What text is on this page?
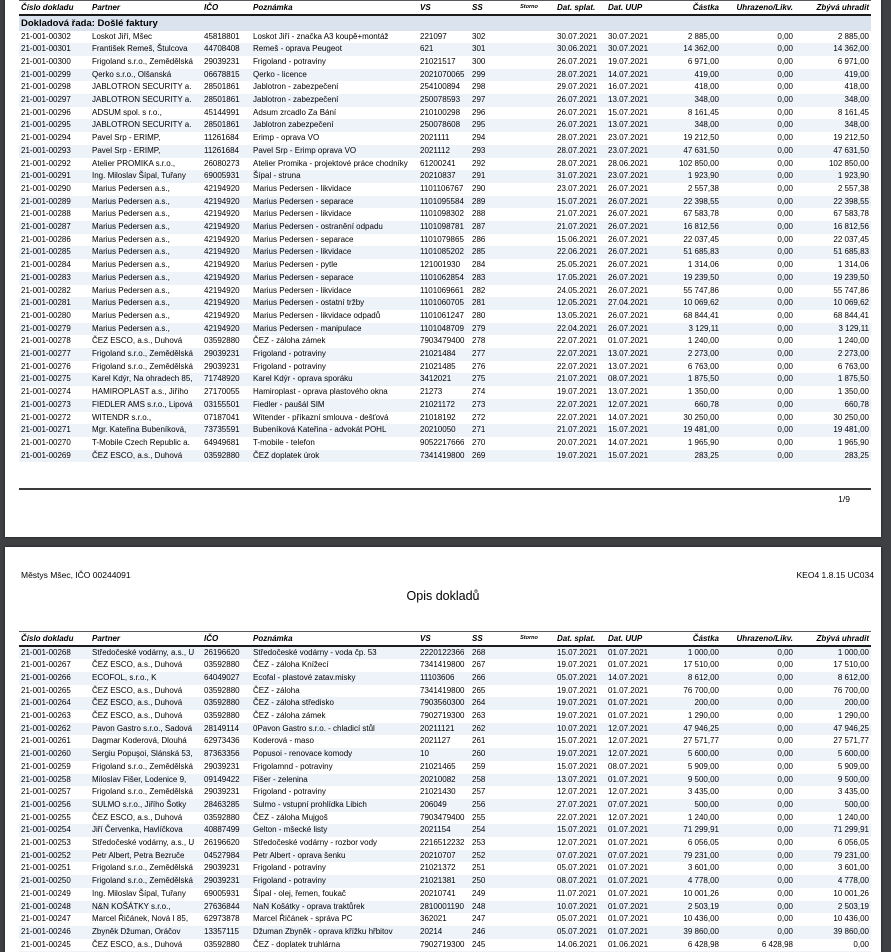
Číslo dokladu	Partner	IČO	Poznámka	VS	SS	Storno	Dat. splat.	Dat. UUP	Částka	Uhrazeno/Likv.	Zbývá uhradit
Dokladová řada: Došlé faktury											
21-001-00302	Loskot Jiří, Mšec	45818801	Loskot Jiří - značka A3 koupě+montáž	221097	302		30.07.2021	30.07.2021	2 885,00	0,00	2 885,00
21-001-00301	František Remeš, Štulcova	44708408	Remeš - oprava Peugeot	621	301		30.06.2021	30.07.2021	14 362,00	0,00	14 362,00
21-001-00300	Frigoland s.r.o., Zemědělská	29039231	Frigoland - potraviny	21021517	300		26.07.2021	19.07.2021	6 971,00	0,00	6 971,00
21-001-00299	Qerko s.r.o., Olšanská	06678815	Qerko - licence	2021070065	299		28.07.2021	14.07.2021	419,00	0,00	419,00
21-001-00298	JABLOTRON SECURITY a.	28501861	Jablotron - zabezpečení	254100894	298		29.07.2021	16.07.2021	418,00	0,00	418,00
21-001-00297	JABLOTRON SECURITY a.	28501861	Jablotron - zabezpečení	250078593	297		26.07.2021	13.07.2021	348,00	0,00	348,00
21-001-00296	ADSUM spol. s r.o.,	45144991	Adsum zrcadlo Za Bání	210100298	296		26.07.2021	15.07.2021	8 161,45	0,00	8 161,45
21-001-00295	JABLOTRON SECURITY a.	28501861	Jablotron zabezpečení	250078608	295		26.07.2021	13.07.2021	348,00	0,00	348,00
21-001-00294	Pavel Srp - ERIMP,	11261684	Erimp - oprava VO	2021111	294		28.07.2021	23.07.2021	19 212,50	0,00	19 212,50
21-001-00293	Pavel Srp - ERIMP,	11261684	Pavel Srp - Erimp oprava VO	2021112	293		28.07.2021	23.07.2021	47 631,50	0,00	47 631,50
21-001-00292	Atelier PROMIKA s.r.o.,	26080273	Atelier Promika - projektové práce chodníky	61200241	292		28.07.2021	28.06.2021	102 850,00	0,00	102 850,00
21-001-00291	Ing. Miloslav Šípal, Tuřany	69005931	Šípal - struna	20210837	291		31.07.2021	23.07.2021	1 923,90	0,00	1 923,90
21-001-00290	Marius Pedersen a.s.,	42194920	Marius Pedersen - likvidace	1101106767	290		23.07.2021	26.07.2021	2 557,38	0,00	2 557,38
21-001-00289	Marius Pedersen a.s.,	42194920	Marius Pedersen - separace	1101095584	289		15.07.2021	26.07.2021	22 398,55	0,00	22 398,55
21-001-00288	Marius Pedersen a.s.,	42194920	Marius Pedersen - likvidace	1101098302	288		21.07.2021	26.07.2021	67 583,78	0,00	67 583,78
21-001-00287	Marius Pedersen a.s.,	42194920	Marius Pedersen - ostranění odpadu	1101098781	287		21.07.2021	26.07.2021	16 812,56	0,00	16 812,56
21-001-00286	Marius Pedersen a.s.,	42194920	Marius Pedersen - separace	1101079865	286		15.06.2021	26.07.2021	22 037,45	0,00	22 037,45
21-001-00285	Marius Pedersen a.s.,	42194920	Marius Pedersen - likvidace	1101085202	285		22.06.2021	26.07.2021	51 685,83	0,00	51 685,83
21-001-00284	Marius Pedersen a.s.,	42194920	Marius Pedersen - pytle	121001930	284		25.05.2021	26.07.2021	1 314,06	0,00	1 314,06
21-001-00283	Marius Pedersen a.s.,	42194920	Marius Pedersen - separace	1101062854	283		17.05.2021	26.07.2021	19 239,50	0,00	19 239,50
21-001-00282	Marius Pedersen a.s.,	42194920	Marius Pedersen - likvidace	1101069661	282		24.05.2021	26.07.2021	55 747,86	0,00	55 747,86
21-001-00281	Marius Pedersen a.s.,	42194920	Marius Pedersen - ostatní tržby	1101060705	281		12.05.2021	27.04.2021	10 069,62	0,00	10 069,62
21-001-00280	Marius Pedersen a.s.,	42194920	Marius Pedersen - likvidace odpadů	1101061247	280		13.05.2021	26.07.2021	68 844,41	0,00	68 844,41
21-001-00279	Marius Pedersen a.s.,	42194920	Marius Pedersen - manipulace	1101048709	279		22.04.2021	26.07.2021	3 129,11	0,00	3 129,11
21-001-00278	ČEZ ESCO, a.s., Duhová	03592880	ČEZ - záloha zámek	7903479400	278		22.07.2021	01.07.2021	1 240,00	0,00	1 240,00
21-001-00277	Frigoland s.r.o., Zemědělská	29039231	Frigoland - potraviny	21021484	277		22.07.2021	13.07.2021	2 273,00	0,00	2 273,00
21-001-00276	Frigoland s.r.o., Zemědělská	29039231	Frigoland - potraviny	21021485	276		22.07.2021	13.07.2021	6 763,00	0,00	6 763,00
21-001-00275	Karel Kdýr, Na ohradech 85,	71748920	Karel Kdýr - oprava sporáku	3412021	275		21.07.2021	08.07.2021	1 875,50	0,00	1 875,50
21-001-00274	HAMIROPLAST a.s., Jiřího	27170055	Hamiroplast - oprava plastového okna	21273	274		19.07.2021	13.07.2021	1 350,00	0,00	1 350,00
21-001-00273	FIEDLER AMS s.r.o., Lipová	03155501	Fiedler - paušál SIM	21021172	273		22.07.2021	12.07.2021	660,78	0,00	660,78
21-001-00272	WITENDR s.r.o.,	07187041	Witender - příkazní smlouva - dešťová	21018192	272		22.07.2021	14.07.2021	30 250,00	0,00	30 250,00
21-001-00271	Mgr. Kateřina Bubeníková,	73735591	Bubeníková Kateřina - advokát POHL	20210050	271		21.07.2021	15.07.2021	19 481,00	0,00	19 481,00
21-001-00270	T-Mobile Czech Republic a.	64949681	T-mobile - telefon	9052217666	270		20.07.2021	14.07.2021	1 965,90	0,00	1 965,90
21-001-00269	ČEZ ESCO, a.s., Duhová	03592880	ČEZ doplatek úrok	7341419800	269		19.07.2021	15.07.2021	283,25	0,00	283,25
1/9
Městys Mšec, IČO 00244091	KEO4 1.8.15 UC034
Opis dokladů
Číslo dokladu	Partner	IČO	Poznámka	VS	SS	Storno	Dat. splat.	Dat. UUP	Částka	Uhrazeno/Likv.	Zbývá uhradit
21-001-00268	Středočeské vodárny, a.s., U	26196620	Středočeské vodárny - voda čp. 53	2220122366	268		15.07.2021	01.07.2021	1 000,00	0,00	1 000,00
21-001-00267	ČEZ ESCO, a.s., Duhová	03592880	ČEZ - záloha Knížecí	7341419800	267		19.07.2021	01.07.2021	17 510,00	0,00	17 510,00
21-001-00266	ECOFOL, s.r.o., K	64049027	Ecofal - plastové zatav.misky	11103606	266		05.07.2021	14.07.2021	8 612,00	0,00	8 612,00
21-001-00265	ČEZ ESCO, a.s., Duhová	03592880	ČEZ - záloha	7341419800	265		19.07.2021	01.07.2021	76 700,00	0,00	76 700,00
21-001-00264	ČEZ ESCO, a.s., Duhová	03592880	ČEZ - záloha středisko	7903560300	264		19.07.2021	01.07.2021	200,00	0,00	200,00
21-001-00263	ČEZ ESCO, a.s., Duhová	03592880	ČEZ - záloha zámek	7902719300	263		19.07.2021	01.07.2021	1 290,00	0,00	1 290,00
21-001-00262	Pavon Gastro s.r.o., Sadová	28149114	0Pavon Gastro s.r.o. - chladicí stůl	20211121	262		10.07.2021	12.07.2021	47 946,25	0,00	47 946,25
21-001-00261	Dagmar Koderová, Dlouhá	62973436	Koderová - maso	2021127	261		15.07.2021	12.07.2021	27 571,77	0,00	27 571,77
21-001-00260	Sergiu Popuşoi, Slánská 53,	87363356	Popusoi - renovace komody	10	260		19.07.2021	12.07.2021	5 600,00	0,00	5 600,00
21-001-00259	Frigoland s.r.o., Zemědělská	29039231	Frigolamnd - potraviny	21021465	259		15.07.2021	08.07.2021	5 909,00	0,00	5 909,00
21-001-00258	Miloslav Fišer, Lodenice 9,	09149422	Fišer - zelenina	20210082	258		13.07.2021	01.07.2021	9 500,00	0,00	9 500,00
21-001-00257	Frigoland s.r.o., Zemědělská	29039231	Frigoland - potraviny	21021430	257		12.07.2021	12.07.2021	3 435,00	0,00	3 435,00
21-001-00256	SULMO s.r.o., Jiřího Šotky	28463285	Sulmo - vstupní prohlídka Libich	206049	256		27.07.2021	07.07.2021	500,00	0,00	500,00
21-001-00255	ČEZ ESCO, a.s., Duhová	03592880	ČEZ - záloha Mujgoš	7903479400	255		22.07.2021	12.07.2021	1 240,00	0,00	1 240,00
21-001-00254	Jiří Červenka, Havlíčkova	40887499	Gelton - mšecké listy	2021154	254		15.07.2021	01.07.2021	71 299,91	0,00	71 299,91
21-001-00253	Středočeské vodárny, a.s., U	26196620	Středočeské vodárny - rozbor vody	2216512232	253		12.07.2021	01.07.2021	6 056,05	0,00	6 056,05
21-001-00252	Petr Albert, Petra Bezruče	04527984	Petr Albert - oprava šenku	20210707	252		07.07.2021	07.07.2021	79 231,00	0,00	79 231,00
21-001-00251	Frigoland s.r.o., Zemědělská	29039231	Frigoland - potraviny	21021372	251		05.07.2021	01.07.2021	3 601,00	0,00	3 601,00
21-001-00250	Frigoland s.r.o., Zemědělská	29039231	Frigoland - potraviny	21021381	250		08.07.2021	01.07.2021	4 778,00	0,00	4 778,00
21-001-00249	Ing. Miloslav Šípal, Tuřany	69005931	Šípal - olej, řemen, foukač	20210741	249		11.07.2021	01.07.2021	10 001,26	0,00	10 001,26
21-001-00248	N&N KOŠÁTKY s.r.o.,	27636844	NaN Košátky - oprava traktůrek	2810001190	248		10.07.2021	01.07.2021	2 503,19	0,00	2 503,19
21-001-00247	Marcel Řičánek, Nová I 85,	62973878	Marcel Řičánek - správa PC	362021	247		05.07.2021	01.07.2021	10 436,00	0,00	10 436,00
21-001-00246	Zbyněk Džuman, Oráčov	13357115	Džuman Zbyněk - oprava křížku hřbitov	20214	246		05.07.2021	01.07.2021	39 860,00	0,00	39 860,00
21-001-00245	ČEZ ESCO, a.s., Duhová	03592880	ČEZ - doplatek truhlárna	7902719300	245		14.06.2021	01.06.2021	6 428,98	6 428,98	0,00
